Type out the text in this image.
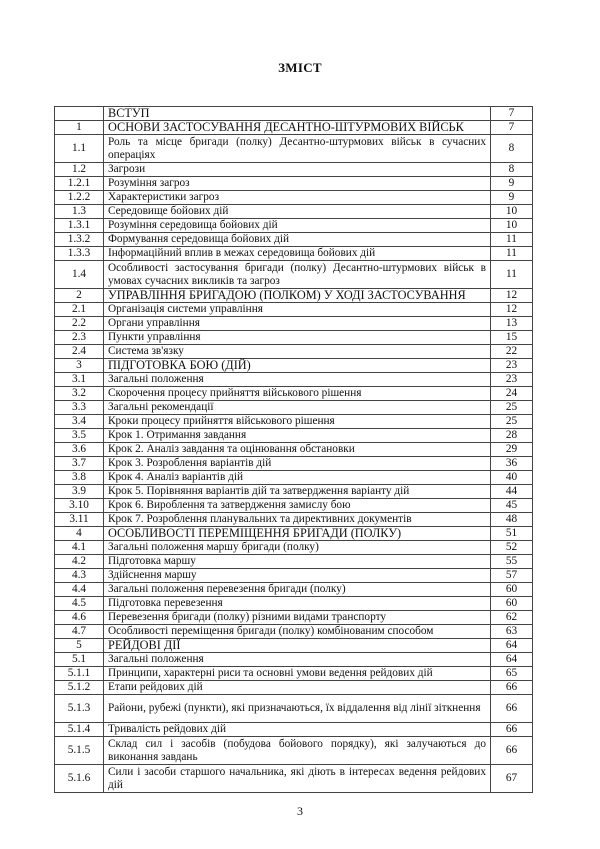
ЗМІСТ
	ВСТУП	7
1	ОСНОВИ ЗАСТОСУВАННЯ ДЕСАНТНО-ШТУРМОВИХ ВІЙСЬК	7
1.1	Роль та місце бригади (полку) Десантно-штурмових військ в сучасних операціях	8
1.2	Загрози	8
1.2.1	Розуміння загроз	9
1.2.2	Характеристики загроз	9
1.3	Середовище бойових дій	10
1.3.1	Розуміння середовища бойових дій	10
1.3.2	Формування середовища бойових дій	11
1.3.3	Інформаційний вплив в межах середовища бойових дій	11
1.4	Особливості застосування бригади (полку) Десантно-штурмових військ в умовах сучасних викликів та загроз	11
2	УПРАВЛІННЯ БРИГАДОЮ (ПОЛКОМ) У ХОДІ ЗАСТОСУВАННЯ	12
2.1	Організація системи управління	12
2.2	Органи управління	13
2.3	Пункти управління	15
2.4	Система зв'язку	22
3	ПІДГОТОВКА БОЮ (ДІЙ)	23
3.1	Загальні положення	23
3.2	Скорочення процесу прийняття військового рішення	24
3.3	Загальні рекомендації	25
3.4	Кроки процесу прийняття військового рішення	25
3.5	Крок 1. Отримання завдання	28
3.6	Крок 2. Аналіз завдання та оцінювання обстановки	29
3.7	Крок 3. Розроблення варіантів дій	36
3.8	Крок 4. Аналіз варіантів дій	40
3.9	Крок 5. Порівняння варіантів дій та затвердження варіанту дій	44
3.10	Крок 6. Вироблення та затвердження замислу бою	45
3.11	Крок 7. Розроблення планувальних та директивних документів	48
4	ОСОБЛИВОСТІ ПЕРЕМІЩЕННЯ БРИГАДИ (ПОЛКУ)	51
4.1	Загальні положення маршу бригади (полку)	52
4.2	Підготовка маршу	55
4.3	Здійснення маршу	57
4.4	Загальні положення перевезення бригади (полку)	60
4.5	Підготовка перевезення	60
4.6	Перевезення бригади (полку) різними видами транспорту	62
4.7	Особливості переміщення бригади (полку) комбінованим способом	63
5	РЕЙДОВІ ДІЇ	64
5.1	Загальні положення	64
5.1.1	Принципи, характерні риси та основні умови ведення рейдових дій	65
5.1.2	Етапи рейдових дій	66
5.1.3	Райони, рубежі (пункти), які призначаються, їх віддалення від лінії зіткнення	66
5.1.4	Тривалість рейдових дій	66
5.1.5	Склад сил і засобів (побудова бойового порядку), які залучаються до виконання завдань	66
5.1.6	Сили і засоби старшого начальника, які діють в інтересах ведення рейдових дій	67
3
